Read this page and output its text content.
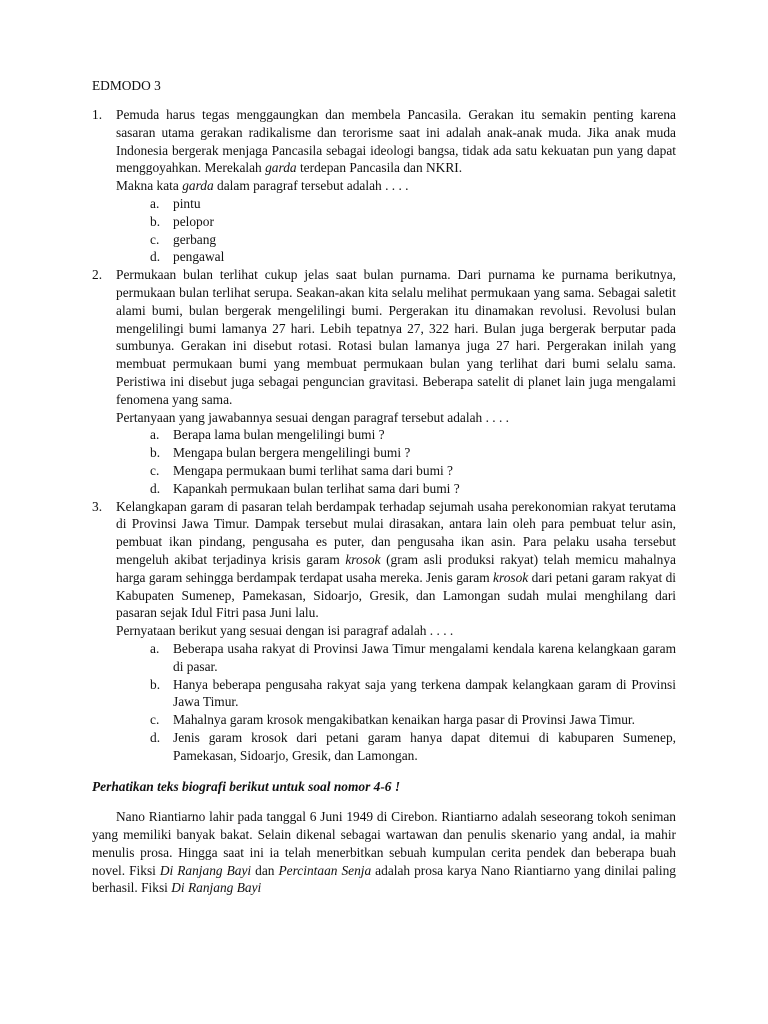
EDMODO 3
1. Pemuda harus tegas menggaungkan dan membela Pancasila. Gerakan itu semakin penting karena sasaran utama gerakan radikalisme dan terorisme saat ini adalah anak-anak muda. Jika anak muda Indonesia bergerak menjaga Pancasila sebagai ideologi bangsa, tidak ada satu kekuatan pun yang dapat menggoyahkan. Merekalah garda terdepan Pancasila dan NKRI.
Makna kata garda dalam paragraf tersebut adalah . . . .
a. pintu
b. pelopor
c. gerbang
d. pengawal
2. Permukaan bulan terlihat cukup jelas saat bulan purnama. Dari purnama ke purnama berikutnya, permukaan bulan terlihat serupa. Seakan-akan kita selalu melihat permukaan yang sama. Sebagai saletit alami bumi, bulan bergerak mengelilingi bumi. Pergerakan itu dinamakan revolusi. Revolusi bulan mengelilingi bumi lamanya 27 hari. Lebih tepatnya 27, 322 hari. Bulan juga bergerak berputar pada sumbunya. Gerakan ini disebut rotasi. Rotasi bulan lamanya juga 27 hari. Pergerakan inilah yang membuat permukaan bumi yang membuat permukaan bulan yang terlihat dari bumi selalu sama. Peristiwa ini disebut juga sebagai penguncian gravitasi. Beberapa satelit di planet lain juga mengalami fenomena yang sama.
Pertanyaan yang jawabannya sesuai dengan paragraf tersebut adalah . . . .
a. Berapa lama bulan mengelilingi bumi ?
b. Mengapa bulan bergera mengelilingi bumi ?
c. Mengapa permukaan bumi terlihat sama dari bumi ?
d. Kapankah permukaan bulan terlihat sama dari bumi ?
3. Kelangkapan garam di pasaran telah berdampak terhadap sejumah usaha perekonomian rakyat terutama di Provinsi Jawa Timur. Dampak tersebut mulai dirasakan, antara lain oleh para pembuat telur asin, pembuat ikan pindang, pengusaha es puter, dan pengusaha ikan asin. Para pelaku usaha tersebut mengeluh akibat terjadinya krisis garam krosok (gram asli produksi rakyat) telah memicu mahalnya harga garam sehingga berdampak terdapat usaha mereka. Jenis garam krosok dari petani garam rakyat di Kabupaten Sumenep, Pamekasan, Sidoarjo, Gresik, dan Lamongan sudah mulai menghilang dari pasaran sejak Idul Fitri pasa Juni lalu.
Pernyataan berikut yang sesuai dengan isi paragraf adalah . . . .
a. Beberapa usaha rakyat di Provinsi Jawa Timur mengalami kendala karena kelangkaan garam di pasar.
b. Hanya beberapa pengusaha rakyat saja yang terkena dampak kelangkaan garam di Provinsi Jawa Timur.
c. Mahalnya garam krosok mengakibatkan kenaikan harga pasar di Provinsi Jawa Timur.
d. Jenis garam krosok dari petani garam hanya dapat ditemui di kabuparen Sumenep, Pamekasan, Sidoarjo, Gresik, dan Lamongan.
Perhatikan teks biografi berikut untuk soal nomor 4-6 !
Nano Riantiarno lahir pada tanggal 6 Juni 1949 di Cirebon. Riantiarno adalah seseorang tokoh seniman yang memiliki banyak bakat. Selain dikenal sebagai wartawan dan penulis skenario yang andal, ia mahir menulis prosa. Hingga saat ini ia telah menerbitkan sebuah kumpulan cerita pendek dan beberapa buah novel. Fiksi Di Ranjang Bayi dan Percintaan Senja adalah prosa karya Nano Riantiarno yang dinilai paling berhasil. Fiksi Di Ranjang Bayi
